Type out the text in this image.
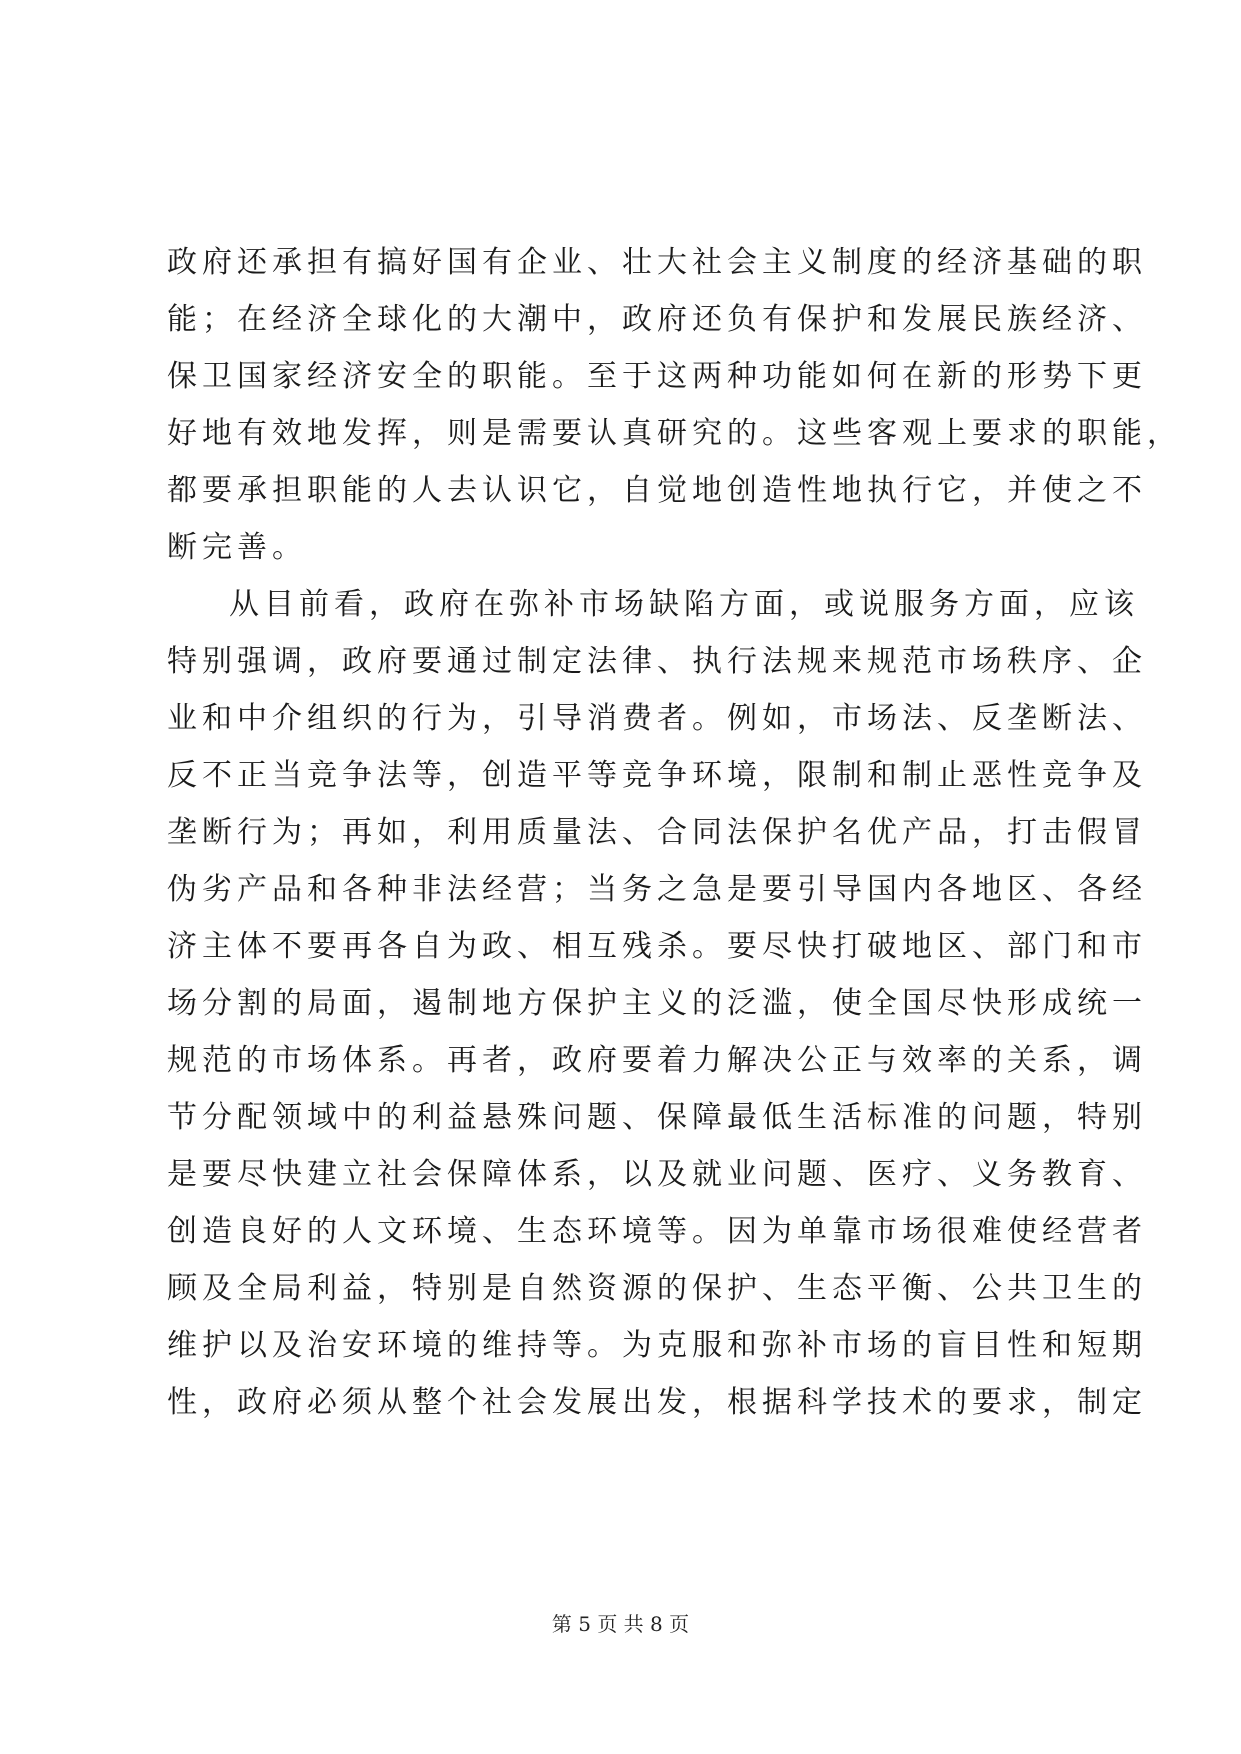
政府还承担有搞好国有企业、壮大社会主义制度的经济基础的职
能；在经济全球化的大潮中，政府还负有保护和发展民族经济、
保卫国家经济安全的职能。至于这两种功能如何在新的形势下更
好地有效地发挥，则是需要认真研究的。这些客观上要求的职能，
都要承担职能的人去认识它，自觉地创造性地执行它，并使之不
断完善。
从目前看，政府在弥补市场缺陷方面，或说服务方面，应该
特别强调，政府要通过制定法律、执行法规来规范市场秩序、企
业和中介组织的行为，引导消费者。例如，市场法、反垄断法、
反不正当竞争法等，创造平等竞争环境，限制和制止恶性竞争及
垄断行为；再如，利用质量法、合同法保护名优产品，打击假冒
伪劣产品和各种非法经营；当务之急是要引导国内各地区、各经
济主体不要再各自为政、相互残杀。要尽快打破地区、部门和市
场分割的局面，遏制地方保护主义的泛滥，使全国尽快形成统一
规范的市场体系。再者，政府要着力解决公正与效率的关系，调
节分配领域中的利益悬殊问题、保障最低生活标准的问题，特别
是要尽快建立社会保障体系，以及就业问题、医疗、义务教育、
创造良好的人文环境、生态环境等。因为单靠市场很难使经营者
顾及全局利益，特别是自然资源的保护、生态平衡、公共卫生的
维护以及治安环境的维持等。为克服和弥补市场的盲目性和短期
性，政府必须从整个社会发展出发，根据科学技术的要求，制定
第 5 页 共 8 页
